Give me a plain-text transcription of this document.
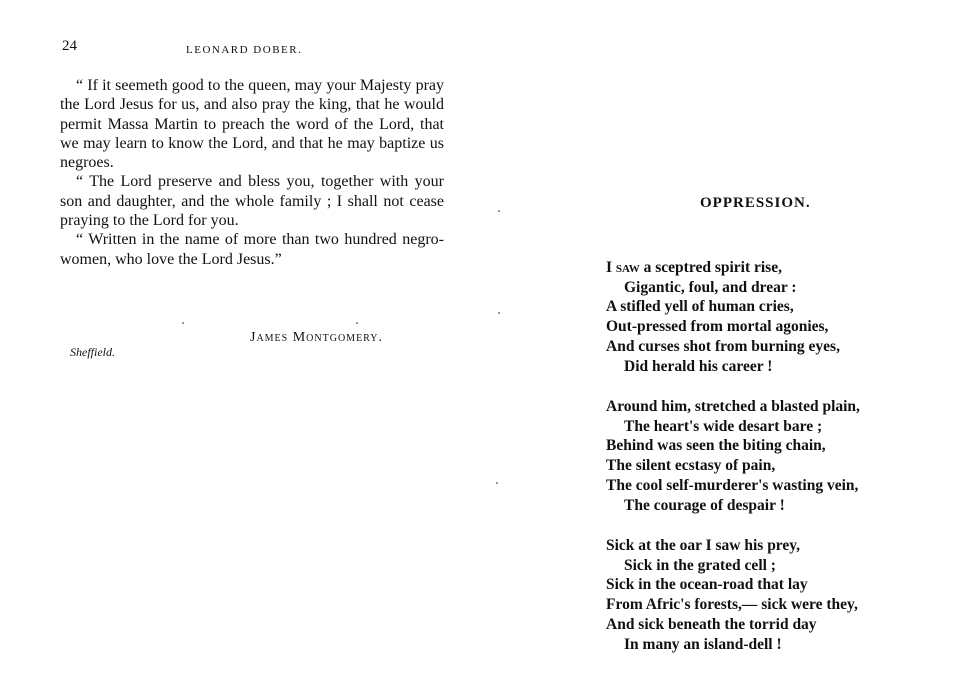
24	LEONARD DOBER.

“ If it seemeth good to the queen, may your Majesty pray the Lord Jesus for us, and also pray the king, that he would permit Massa Martin to preach the word of the Lord, that we may learn to know the Lord, and that he may baptize us negroes.

“ The Lord preserve and bless you, together with your son and daughter, and the whole family ; I shall not cease praying to the Lord for you.

“ Written in the name of more than two hundred negro-women, who love the Lord Jesus.”

James Montgomery.
Sheffield.
OPPRESSION.
I saw a sceptred spirit rise,
Gigantic, foul, and drear :
A stifled yell of human cries,
Out-pressed from mortal agonies,
And curses shot from burning eyes,
Did herald his career !
Around him, stretched a blasted plain,
The heart's wide desart bare ;
Behind was seen the biting chain,
The silent ecstasy of pain,
The cool self-murderer's wasting vein,
The courage of despair !
Sick at the oar I saw his prey,
Sick in the grated cell ;
Sick in the ocean-road that lay
From Afric's forests,— sick were they,
And sick beneath the torrid day
In many an island-dell !
